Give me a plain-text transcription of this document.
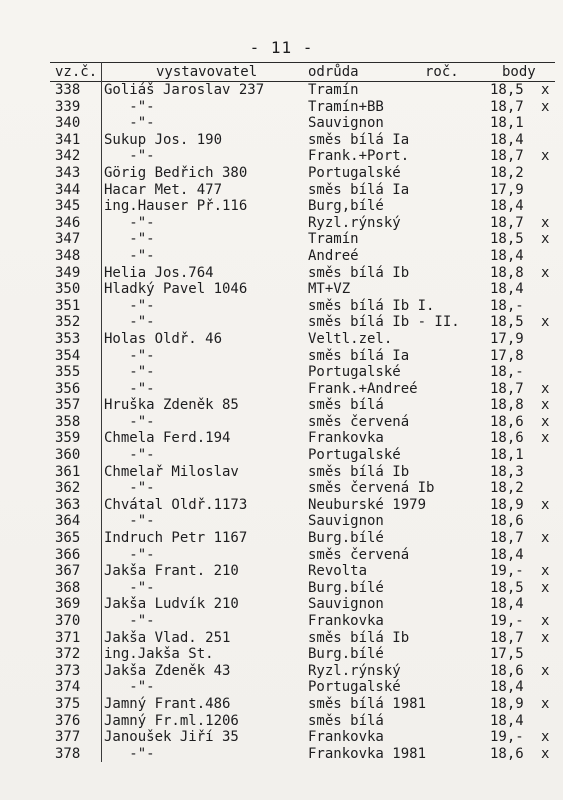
- 11 -
vz.č.	vystavovatel	odrůda	roč.	body
338 Goliáš Jaroslav 237	Tramín	18,5 x
339 -"-	Tramín+BB	18,7 x
340 -"-	Sauvignon	18,1
341 Sukup Jos. 190	směs bílá Ia	18,4
342 -"-	Frank.+Port.	18,7 x
343 Görig Bedřich 380	Portugalské	18,2
344 Hacar Met. 477	směs bílá Ia	17,9
345 ing.Hauser Př.116	Burg,bílé	18,4
346 -"-	Ryzl.rýnský	18,7 x
347 -"-	Tramín	18,5 x
348 -"-	Andreé	18,4
349 Helia Jos.764	směs bílá Ib	18,8 x
350 Hladký Pavel 1046	MT+VZ	18,4
351 -"-	směs bílá Ib I.	18,-
352 -"-	směs bílá Ib - II. 18,5 x
353 Holas Oldř. 46	Veltl.zel.	17,9
354 -"-	směs bílá Ia	17,8
355 -"-	Portugalské	18,-
356 -"-	Frank.+Andreé	18,7 x
357 Hruška Zdeněk 85	směs bílá	18,8 x
358 -"-	směs červená	18,6 x
359 Chmela Ferd.194	Frankovka	18,6 x
360 -"-	Portugalské	18,1
361 Chmelař Miloslav	směs bílá Ib	18,3
362 -"-	směs červená Ib	18,2
363 Chvátal Oldř.1173	Neuburské 1979	18,9 x
364 -"-	Sauvignon	18,6
365 Indruch Petr 1167	Burg.bílé	18,7 x
366 -"-	směs červená	18,4
367 Jakša Frant. 210	Revolta	19,- x
368 -"-	Burg.bílé	18,5 x
369 Jakša Ludvík 210	Sauvignon	18,4
370 -"-	Frankovka	19,- x
371 Jakša Vlad. 251	směs bílá Ib	18,7 x
372 ing.Jakša St.	Burg.bílé	17,5
373 Jakša Zdeněk 43	Ryzl.rýnský	18,6 x
374 -"-	Portugalské	18,4
375 Jamný Frant.486	směs bílá 1981	18,9 x
376 Jamný Fr.ml.1206	směs bílá	18,4
377 Janoušek Jiří 35	Frankovka	19,- x
378 -"-	Frankovka 1981	18,6 x
